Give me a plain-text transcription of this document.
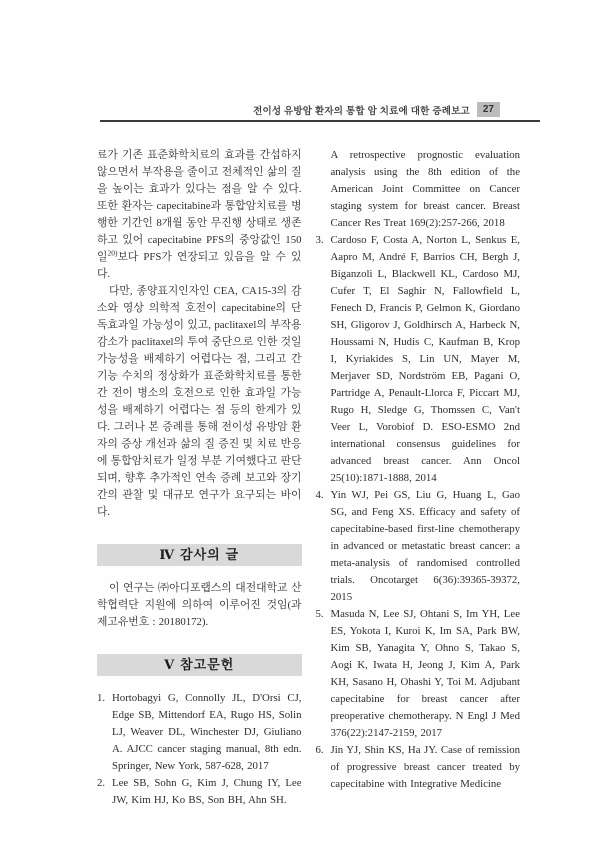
전이성 유방암 환자의 통합 암 치료에 대한 증례보고	27

료가 기존 표준화학치료의 효과를 간섭하지 않으면서 부작용을 줄이고 전체적인 삶의 질을 높이는 효과가 있다는 점을 알 수 있다. 또한 환자는 capecitabine과 통합암치료를 병행한 기간인 8개월 동안 무진행 상태로 생존하고 있어 capecitabine PFS의 중앙값인 150일$^{20)}$보다 PFS가 연장되고 있음을 알 수 있다.

다만, 종양표지인자인 CEA, CA15-3의 감소와 영상 의학적 호전이 capecitabine의 단독효과일 가능성이 있고, paclitaxel의 부작용 감소가 paclitaxel의 투여 중단으로 인한 것일 가능성을 배제하기 어렵다는 점, 그리고 간 기능 수치의 정상화가 표준화학치료를 통한 간 전이 병소의 호전으로 인한 효과일 가능성을 배제하기 어렵다는 점 등의 한계가 있다. 그러나 본 증례를 통해 전이성 유방암 환자의 증상 개선과 삶의 질 증진 및 치료 반응에 통합암치료가 일정 부분 기여했다고 판단되며, 향후 추가적인 연속 증례 보고와 장기간의 관찰 및 대규모 연구가 요구되는 바이다.

Ⅳ 감사의 글

이 연구는 ㈜아디포랩스의 대전대학교 산학협력단 지원에 의하여 이루어진 것임(과제고유번호 : 20180172).

Ⅴ 참고문헌
1. Hortobagyi G, Connolly JL, D'Orsi CJ, Edge SB, Mittendorf EA, Rugo HS, Solin LJ, Weaver DL, Winchester DJ, Giuliano A. AJCC cancer staging manual, 8th edn. Springer, New York, 587-628, 2017
2. Lee SB, Sohn G, Kim J, Chung IY, Lee JW, Kim HJ, Ko BS, Son BH, Ahn SH.
A retrospective prognostic evaluation analysis using the 8th edition of the American Joint Committee on Cancer staging system for breast cancer. Breast Cancer Res Treat 169(2):257-266, 2018
3. Cardoso F, Costa A, Norton L, Senkus E, Aapro M, André F, Barrios CH, Bergh J, Biganzoli L, Blackwell KL, Cardoso MJ, Cufer T, El Saghir N, Fallowfield L, Fenech D, Francis P, Gelmon K, Giordano SH, Gligorov J, Goldhirsch A, Harbeck N, Houssami N, Hudis C, Kaufman B, Krop I, Kyriakides S, Lin UN, Mayer M, Merjaver SD, Nordström EB, Pagani O, Partridge A, Penault-Llorca F, Piccart MJ, Rugo H, Sledge G, Thomssen C, Van't Veer L, Vorobiof D. ESO-ESMO 2nd international consensus guidelines for advanced breast cancer. Ann Oncol 25(10):1871-1888, 2014
4. Yin WJ, Pei GS, Liu G, Huang L, Gao SG, and Feng XS. Efficacy and safety of capecitabine-based first-line chemotherapy in advanced or metastatic breast cancer: a meta-analysis of randomised controlled trials. Oncotarget 6(36):39365-39372, 2015
5. Masuda N, Lee SJ, Ohtani S, Im YH, Lee ES, Yokota I, Kuroi K, Im SA, Park BW, Kim SB, Yanagita Y, Ohno S, Takao S, Aogi K, Iwata H, Jeong J, Kim A, Park KH, Sasano H, Ohashi Y, Toi M. Adjubant capecitabine for breast cancer after preoperative chemotherapy. N Engl J Med 376(22):2147-2159, 2017
6. Jin YJ, Shin KS, Ha JY. Case of remission of progressive breast cancer treated by capecitabine with Integrative Medicine
